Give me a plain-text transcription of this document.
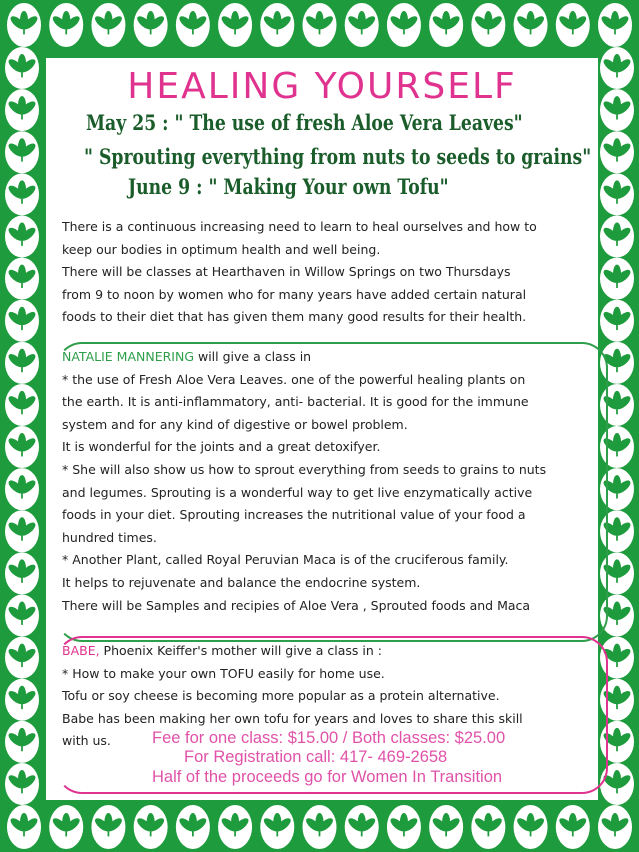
HEALING YOURSELF
May 25 : " The use of fresh Aloe Vera Leaves"
" Sprouting everything from nuts to seeds to grains"
June 9 : " Making Your own Tofu"
There is a continuous increasing need to learn to heal ourselves and how to
keep our bodies in optimum health and well being.
There will be classes at Hearthaven in Willow Springs on two Thursdays
from 9 to noon by women who for many years have added certain natural
foods to their diet that has given them many good results for their health.
NATALIE MANNERING will give a class in
* the use of Fresh Aloe Vera Leaves. one of the powerful healing plants on
the earth. It is anti-inflammatory, anti- bacterial. It is good for the immune
system and for any kind of digestive or bowel problem.
It is wonderful for the joints and a great detoxifyer.
* She will also show us how to sprout everything from seeds to grains to nuts
and legumes. Sprouting is a wonderful way to get live enzymatically active
foods in your diet. Sprouting increases the nutritional value of your food a
hundred times.
* Another Plant, called Royal Peruvian Maca is of the cruciferous family.
It helps to rejuvenate and balance the endocrine system.
There will be Samples and recipies of Aloe Vera , Sprouted foods and Maca
BABE, Phoenix Keiffer's mother will give a class in :
* How to make your own TOFU easily for home use.
Tofu or soy cheese is becoming more popular as a protein alternative.
Babe has been making her own tofu for years and loves to share this skill
with us.	Fee for one class: $15.00 / Both classes: $25.00
For Registration call: 417- 469-2658
Half of the proceeds go for Women In Transition
